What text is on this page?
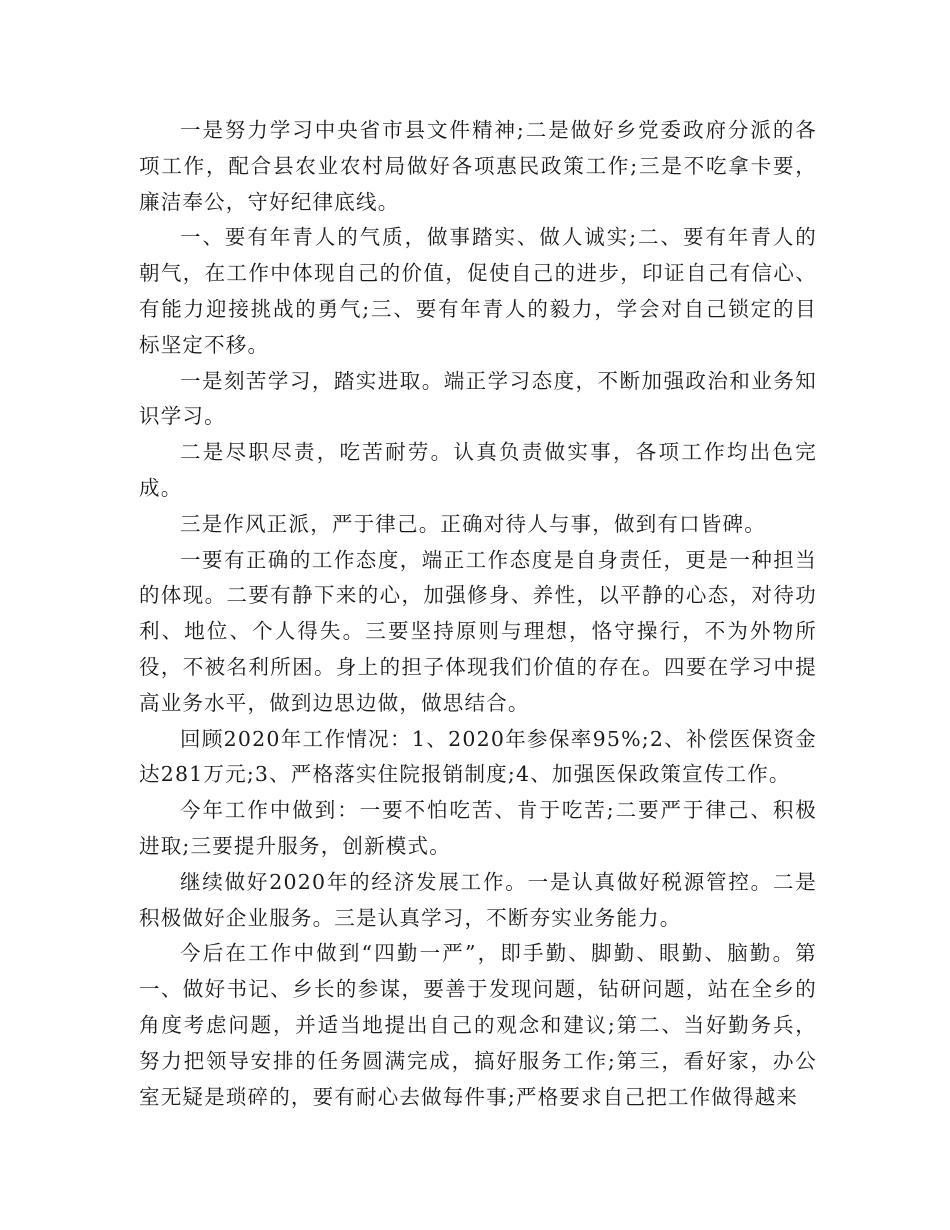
一是努力学习中央省市县文件精神;二是做好乡党委政府分派的各项工作，配合县农业农村局做好各项惠民政策工作;三是不吃拿卡要，廉洁奉公，守好纪律底线。

一、要有年青人的气质，做事踏实、做人诚实;二、要有年青人的朝气，在工作中体现自己的价值，促使自己的进步，印证自己有信心、有能力迎接挑战的勇气;三、要有年青人的毅力，学会对自己锁定的目标坚定不移。

一是刻苦学习，踏实进取。端正学习态度，不断加强政治和业务知识学习。

二是尽职尽责，吃苦耐劳。认真负责做实事，各项工作均出色完成。

三是作风正派，严于律己。正确对待人与事，做到有口皆碑。

一要有正确的工作态度，端正工作态度是自身责任，更是一种担当的体现。二要有静下来的心，加强修身、养性，以平静的心态，对待功利、地位、个人得失。三要坚持原则与理想，恪守操行，不为外物所役，不被名利所困。身上的担子体现我们价值的存在。四要在学习中提高业务水平，做到边思边做，做思结合。

回顾2020年工作情况：1、2020年参保率95%;2、补偿医保资金达281万元;3、严格落实住院报销制度;4、加强医保政策宣传工作。

今年工作中做到：一要不怕吃苦、肯于吃苦;二要严于律己、积极进取;三要提升服务，创新模式。

继续做好2020年的经济发展工作。一是认真做好税源管控。二是积极做好企业服务。三是认真学习，不断夯实业务能力。

今后在工作中做到“四勤一严”，即手勤、脚勤、眼勤、脑勤。第一、做好书记、乡长的参谋，要善于发现问题，钻研问题，站在全乡的角度考虑问题，并适当地提出自己的观念和建议;第二、当好勤务兵，努力把领导安排的任务圆满完成，搞好服务工作;第三，看好家，办公室无疑是琐碎的，要有耐心去做每件事;严格要求自己把工作做得越来
